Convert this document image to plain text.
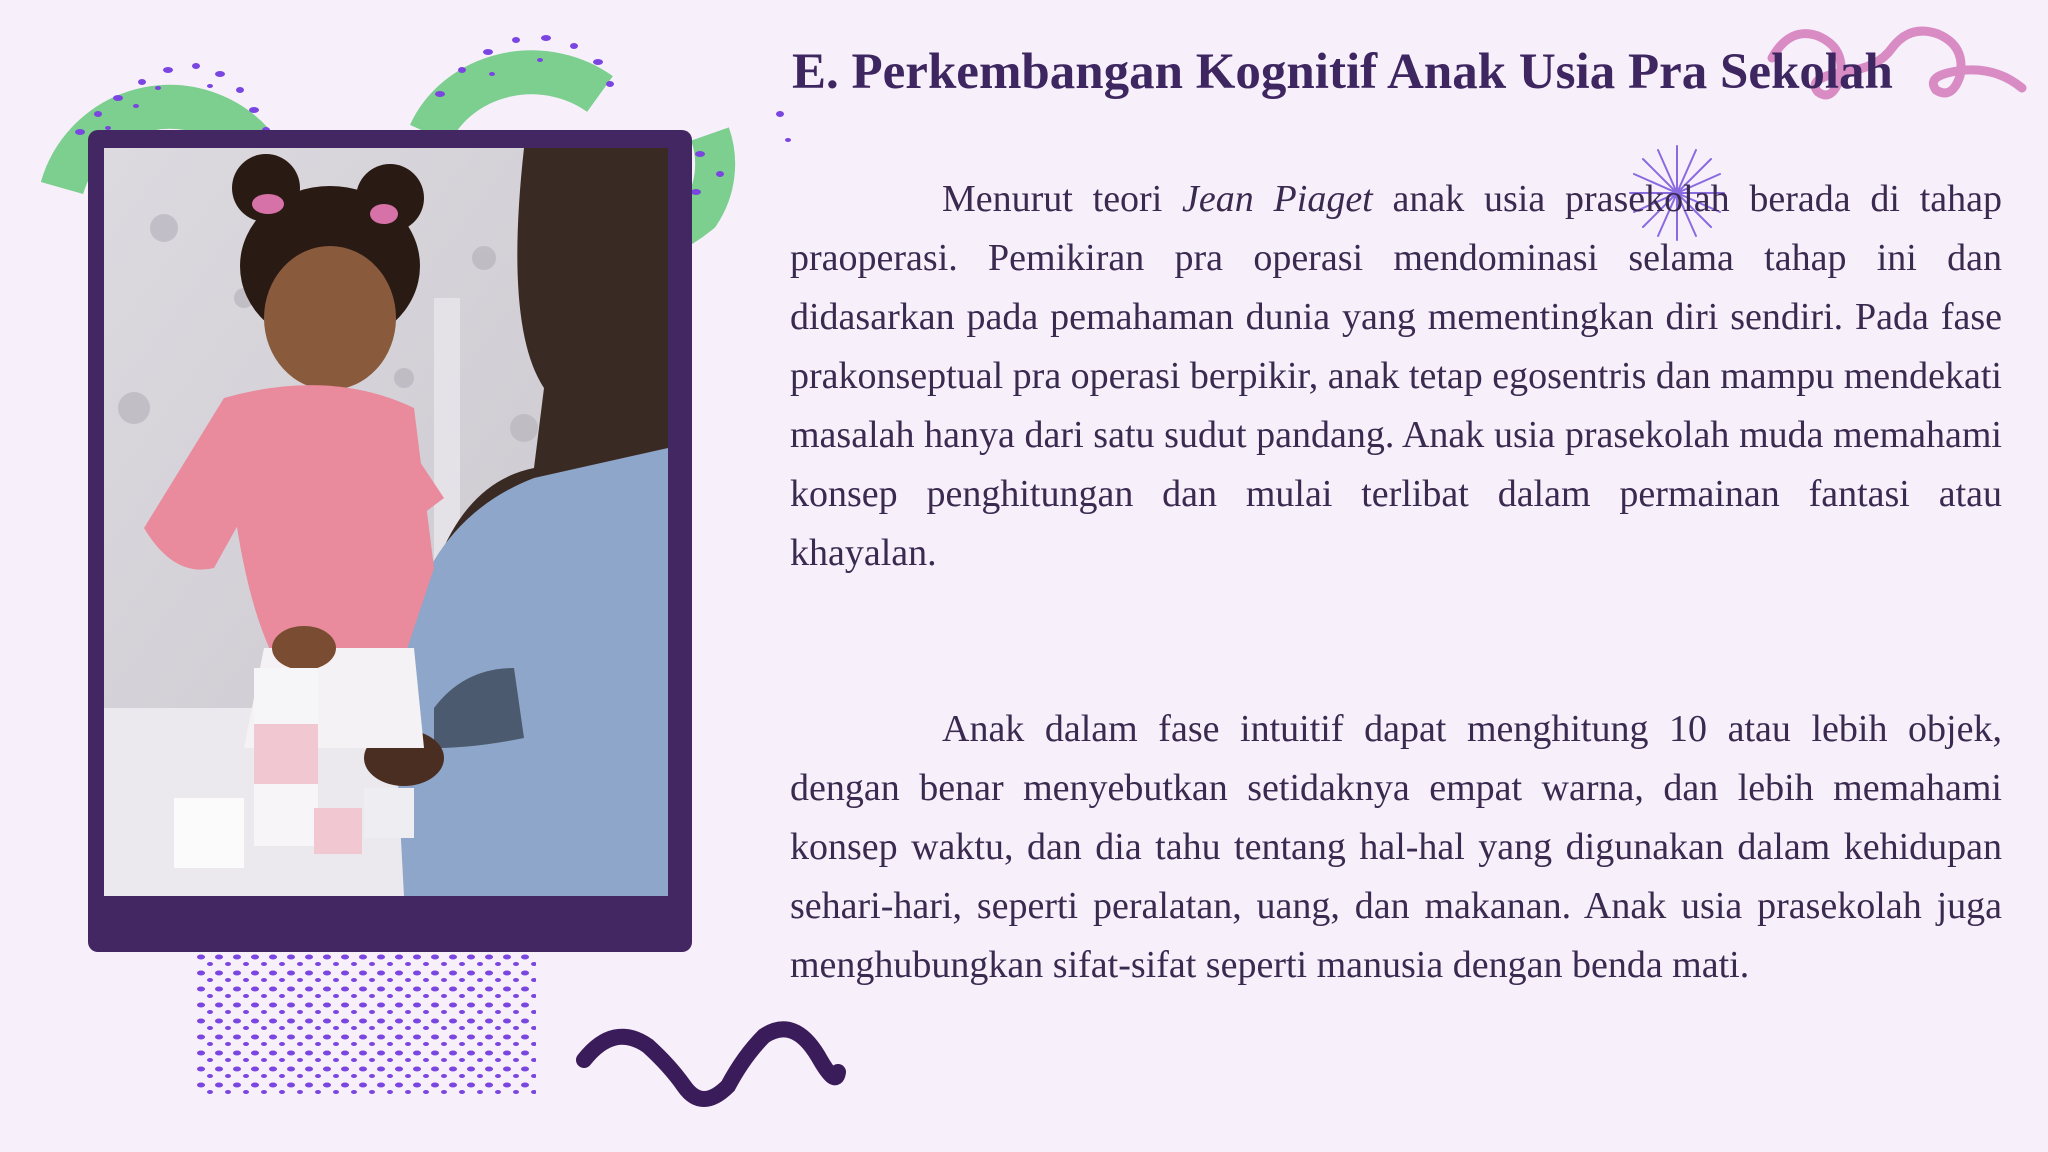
E. Perkembangan Kognitif Anak Usia Pra Sekolah

Menurut teori Jean Piaget anak usia prasekolah berada di tahap praoperasi. Pemikiran pra operasi mendominasi selama tahap ini dan didasarkan pada pemahaman dunia yang mementingkan diri sendiri. Pada fase prakonseptual pra operasi berpikir, anak tetap egosentris dan mampu mendekati masalah hanya dari satu sudut pandang. Anak usia prasekolah muda memahami konsep penghitungan dan mulai terlibat dalam permainan fantasi atau khayalan.

Anak dalam fase intuitif dapat menghitung 10 atau lebih objek, dengan benar menyebutkan setidaknya empat warna, dan lebih memahami konsep waktu, dan dia tahu tentang hal-hal yang digunakan dalam kehidupan sehari-hari, seperti peralatan, uang, dan makanan. Anak usia prasekolah juga menghubungkan sifat-sifat seperti manusia dengan benda mati.
